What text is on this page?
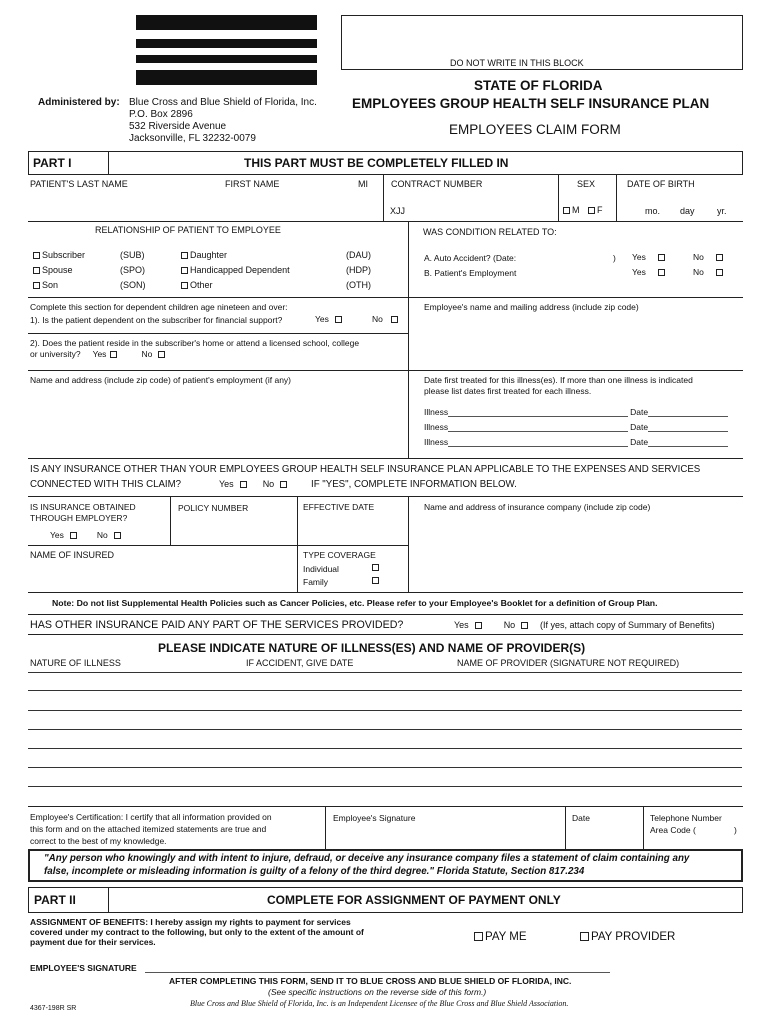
DO NOT WRITE IN THIS BLOCK
STATE OF FLORIDA
EMPLOYEES GROUP HEALTH SELF INSURANCE PLAN
EMPLOYEES CLAIM FORM
Administered by: Blue Cross and Blue Shield of Florida, Inc.
P.O. Box 2896
532 Riverside Avenue
Jacksonville, FL 32232-0079
PART I	THIS PART MUST BE COMPLETELY FILLED IN
PATIENT'S LAST NAME	FIRST NAME	MI	CONTRACT NUMBER	SEX	DATE OF BIRTH
XJJ	M F	mo. day yr.
RELATIONSHIP OF PATIENT TO EMPLOYEE	WAS CONDITION RELATED TO:
Subscriber	(SUB)
Spouse	(SPO)
Son	(SON)
Daughter	(DAU)
Handicapped Dependent	(HDP)
Other	(OTH)
A. Auto Accident? (Date:	) Yes	No
B. Patient's Employment	Yes	No
Complete this section for dependent children age nineteen and over:
1). Is the patient dependent on the subscriber for financial support?	Yes	No
Employee's name and mailing address (include zip code)
2). Does the patient reside in the subscriber's home or attend a licensed school, college
or university? Yes	No
Name and address (include zip code) of patient's employment (if any)	Date first treated for this illness(es). If more than one illness is indicated
please list dates first treated for each illness.
Illness	Date
Illness	Date
Illness	Date
IS ANY INSURANCE OTHER THAN YOUR EMPLOYEES GROUP HEALTH SELF INSURANCE PLAN APPLICABLE TO THE EXPENSES AND SERVICES
CONNECTED WITH THIS CLAIM?	Yes	No	IF "YES", COMPLETE INFORMATION BELOW.
IS INSURANCE OBTAINED
THROUGH EMPLOYER?
Yes	No
POLICY NUMBER	EFFECTIVE DATE	Name and address of insurance company (include zip code)
NAME OF INSURED	TYPE COVERAGE
Individual
Family
Note: Do not list Supplemental Health Policies such as Cancer Policies, etc. Please refer to your Employee's Booklet for a definition of Group Plan.
HAS OTHER INSURANCE PAID ANY PART OF THE SERVICES PROVIDED?	Yes	No	(If yes, attach copy of Summary of Benefits)
PLEASE INDICATE NATURE OF ILLNESS(ES) AND NAME OF PROVIDER(S)
NATURE OF ILLNESS	IF ACCIDENT, GIVE DATE	NAME OF PROVIDER (SIGNATURE NOT REQUIRED)
Employee's Certification: I certify that all information provided on
this form and on the attached itemized statements are true and
correct to the best of my knowledge.
Employee's Signature	Date	Telephone Number
Area Code (	)
"Any person who knowingly and with intent to injure, defraud, or deceive any insurance company files a statement of claim containing any
false, incomplete or misleading information is guilty of a felony of the third degree." Florida Statute, Section 817.234
PART II	COMPLETE FOR ASSIGNMENT OF PAYMENT ONLY
ASSIGNMENT OF BENEFITS: I hereby assign my rights to payment for services
covered under my contract to the following, but only to the extent of the amount of
payment due for their services.	PAY ME	PAY PROVIDER
EMPLOYEE'S SIGNATURE
AFTER COMPLETING THIS FORM, SEND IT TO BLUE CROSS AND BLUE SHIELD OF FLORIDA, INC.
(See specific instructions on the reverse side of this form.)
Blue Cross and Blue Shield of Florida, Inc. is an Independent Licensee of the Blue Cross and Blue Shield Association.
4367-198R SR
